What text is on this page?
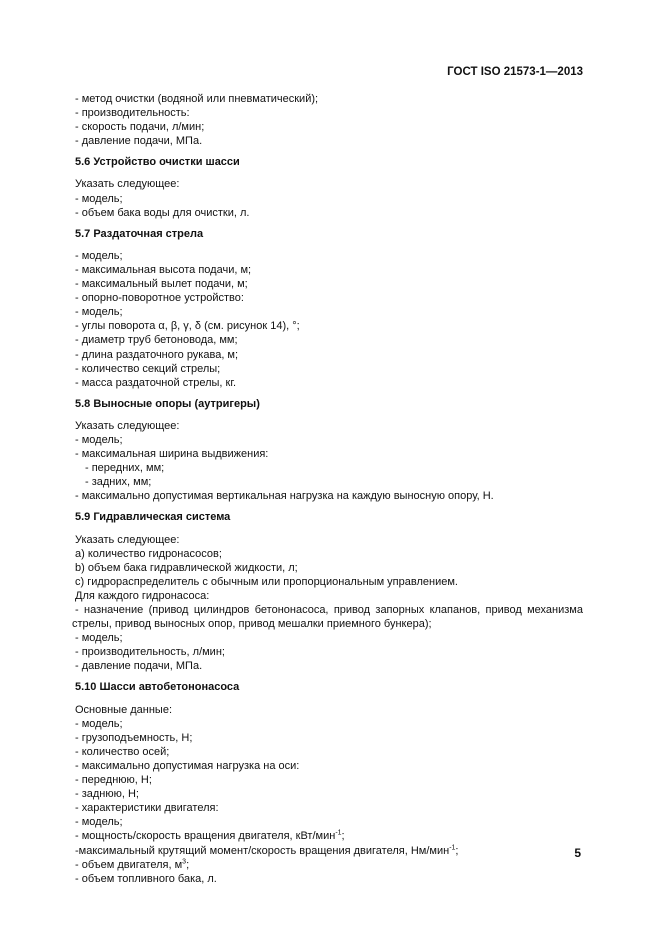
ГОСТ ISO 21573-1—2013
- метод очистки (водяной или пневматический);
- производительность:
- скорость подачи, л/мин;
- давление подачи, МПа.
5.6 Устройство очистки шасси
Указать следующее:
- модель;
- объем бака воды для очистки, л.
5.7 Раздаточная стрела
- модель;
- максимальная высота подачи, м;
- максимальный вылет подачи, м;
- опорно-поворотное устройство:
- модель;
- углы поворота α, β, γ, δ (см. рисунок 14), °;
- диаметр труб бетоновода, мм;
- длина раздаточного рукава, м;
- количество секций стрелы;
- масса раздаточной стрелы, кг.
5.8 Выносные опоры (аутригеры)
Указать следующее:
- модель;
- максимальная ширина выдвижения:
- передних, мм;
- задних, мм;
- максимально допустимая вертикальная нагрузка на каждую выносную опору, Н.
5.9 Гидравлическая система
Указать следующее:
a) количество гидронасосов;
b) объем бака гидравлической жидкости, л;
c) гидрораспределитель с обычным или пропорциональным управлением.
Для каждого гидронасоса:
- назначение (привод цилиндров бетононасоса, привод запорных клапанов, привод механизма
стрелы, привод выносных опор, привод мешалки приемного бункера);
- модель;
- производительность, л/мин;
- давление подачи, МПа.
5.10 Шасси автобетононасоса
Основные данные:
- модель;
- грузоподъемность, Н;
- количество осей;
- максимально допустимая нагрузка на оси:
- переднюю, Н;
- заднюю, Н;
- характеристики двигателя:
- модель;
- мощность/скорость вращения двигателя, кВт/мин$^{-1}$;
-максимальный крутящий момент/скорость вращения двигателя, Нм/мин$^{-1}$;
- объем двигателя, $м^3$;
- объем топливного бака, л.
5
